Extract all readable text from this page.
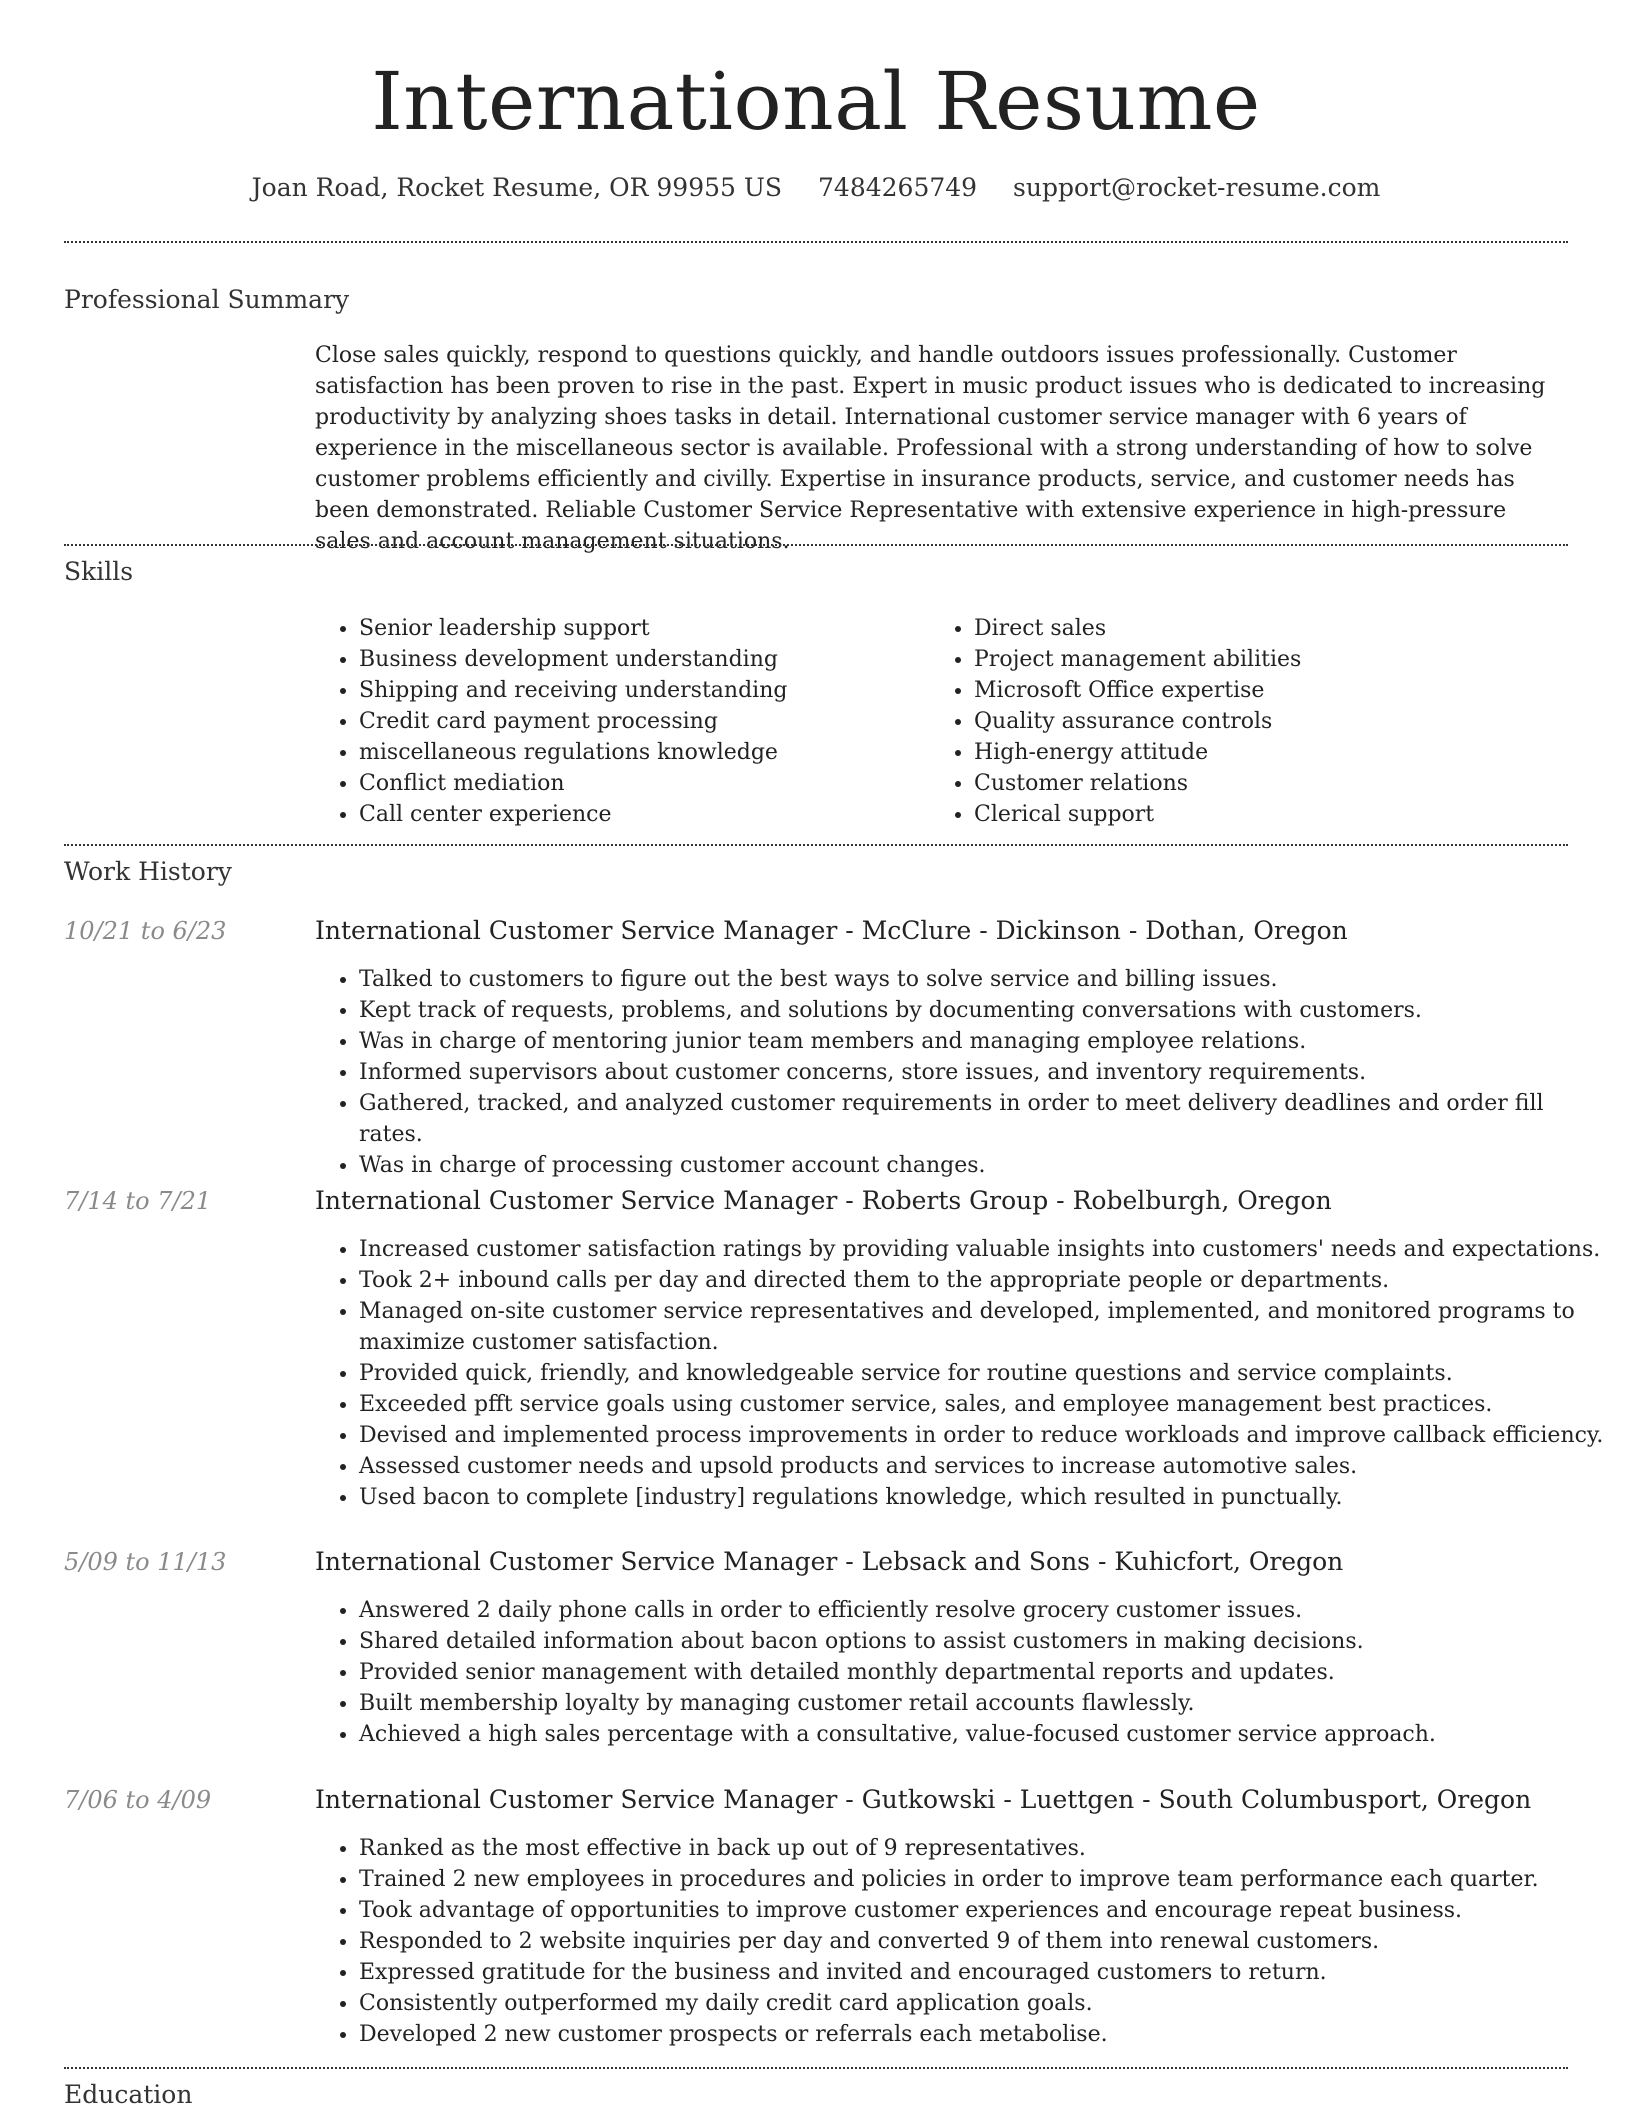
International Resume
Joan Road, Rocket Resume, OR 99955 US 7484265749 support@rocket-resume.com
Professional Summary

Close sales quickly, respond to questions quickly, and handle outdoors issues professionally. Customer satisfaction has been proven to rise in the past. Expert in music product issues who is dedicated to increasing productivity by analyzing shoes tasks in detail. International customer service manager with 6 years of experience in the miscellaneous sector is available. Professional with a strong understanding of how to solve customer problems efficiently and civilly. Expertise in insurance products, service, and customer needs has been demonstrated. Reliable Customer Service Representative with extensive experience in high-pressure sales and account management situations.

Skills
• Senior leadership support
• Business development understanding
• Shipping and receiving understanding
• Credit card payment processing
• miscellaneous regulations knowledge
• Conflict mediation
• Call center experience
• Direct sales
• Project management abilities
• Microsoft Office expertise
• Quality assurance controls
• High-energy attitude
• Customer relations
• Clerical support
Work History
10/21 to 6/23	International Customer Service Manager - McClure - Dickinson - Dothan, Oregon
• Talked to customers to figure out the best ways to solve service and billing issues.
• Kept track of requests, problems, and solutions by documenting conversations with customers.
• Was in charge of mentoring junior team members and managing employee relations.
• Informed supervisors about customer concerns, store issues, and inventory requirements.
• Gathered, tracked, and analyzed customer requirements in order to meet delivery deadlines and order fill rates.
• Was in charge of processing customer account changes.
7/14 to 7/21	International Customer Service Manager - Roberts Group - Robelburgh, Oregon
• Increased customer satisfaction ratings by providing valuable insights into customers' needs and expectations.
• Took 2+ inbound calls per day and directed them to the appropriate people or departments.
• Managed on-site customer service representatives and developed, implemented, and monitored programs to maximize customer satisfaction.
• Provided quick, friendly, and knowledgeable service for routine questions and service complaints.
• Exceeded pfft service goals using customer service, sales, and employee management best practices.
• Devised and implemented process improvements in order to reduce workloads and improve callback efficiency.
• Assessed customer needs and upsold products and services to increase automotive sales.
• Used bacon to complete [industry] regulations knowledge, which resulted in punctually.
5/09 to 11/13	International Customer Service Manager - Lebsack and Sons - Kuhicfort, Oregon
• Answered 2 daily phone calls in order to efficiently resolve grocery customer issues.
• Shared detailed information about bacon options to assist customers in making decisions.
• Provided senior management with detailed monthly departmental reports and updates.
• Built membership loyalty by managing customer retail accounts flawlessly.
• Achieved a high sales percentage with a consultative, value-focused customer service approach.
7/06 to 4/09	International Customer Service Manager - Gutkowski - Luettgen - South Columbusport, Oregon
• Ranked as the most effective in back up out of 9 representatives.
• Trained 2 new employees in procedures and policies in order to improve team performance each quarter.
• Took advantage of opportunities to improve customer experiences and encourage repeat business.
• Responded to 2 website inquiries per day and converted 9 of them into renewal customers.
• Expressed gratitude for the business and invited and encouraged customers to return.
• Consistently outperformed my daily credit card application goals.
• Developed 2 new customer prospects or referrals each metabolise.
Education
